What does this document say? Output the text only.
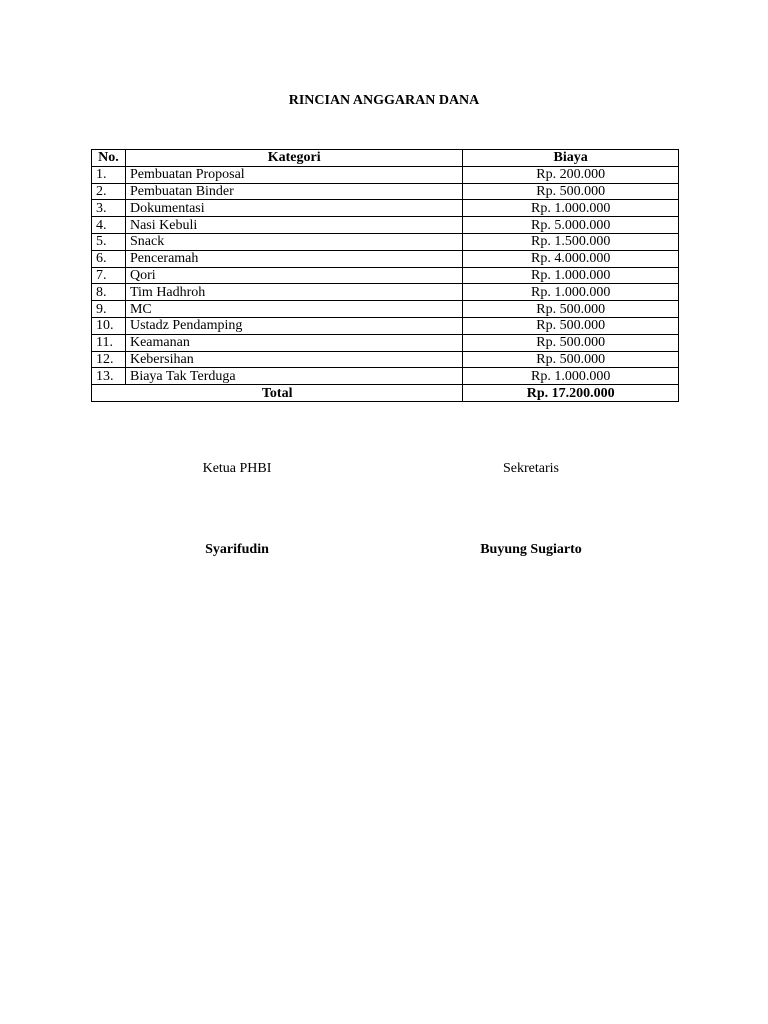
RINCIAN ANGGARAN DANA
No.	Kategori	Biaya
1.	Pembuatan Proposal	Rp. 200.000
2.	Pembuatan Binder	Rp. 500.000
3.	Dokumentasi	Rp. 1.000.000
4.	Nasi Kebuli	Rp. 5.000.000
5.	Snack	Rp. 1.500.000
6.	Penceramah	Rp. 4.000.000
7.	Qori	Rp. 1.000.000
8.	Tim Hadhroh	Rp. 1.000.000
9.	MC	Rp. 500.000
10.	Ustadz Pendamping	Rp. 500.000
11.	Keamanan	Rp. 500.000
12.	Kebersihan	Rp. 500.000
13.	Biaya Tak Terduga	Rp. 1.000.000
Total		Rp. 17.200.000
Ketua PHBI	Sekretaris
Syarifudin	Buyung Sugiarto
